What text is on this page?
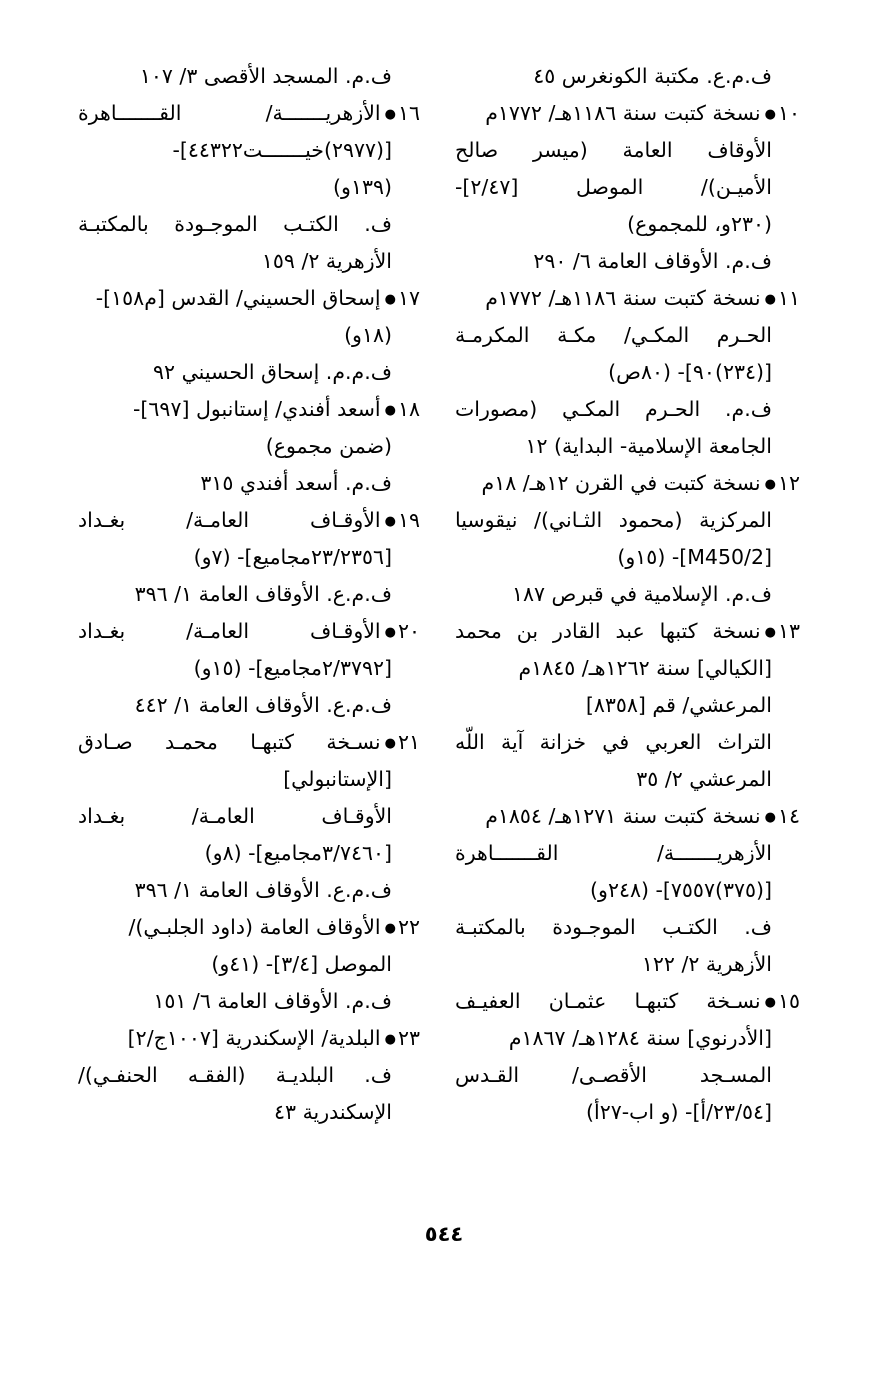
ف.م.ع. مكتبة الكونغرس ٤٥
١٠●نسخة كتبت سنة ١١٨٦هـ/ ١٧٧٢م
الأوقاف العامة (ميسر صالح
الأميـن)/ الموصل [٢/٤٧]-
(٢٣٠و، للمجموع)
ف.م. الأوقاف العامة ٦/ ٢٩٠
١١●نسخة كتبت سنة ١١٨٦هـ/ ١٧٧٢م
الحـرم المكـي/ مكـة المكرمـة
[(٢٣٤)٩٠]- (٨٠ص)
ف.م. الحـرم المكـي (مصورات
الجامعة الإسلامية- البداية) ١٢
١٢●نسخة كتبت في القرن ١٢هـ/ ١٨م
المركزية (محمود الثـاني)/ نيقوسيا
[M450/2]- (١٥و)
ف.م. الإسلامية في قبرص ١٨٧
١٣●نسخة كتبها عبد القادر بن محمد
[الكيالي] سنة ١٢٦٢هـ/ ١٨٤٥م
المرعشي/ قم [٨٣٥٨]
التراث العربي في خزانة آية اللّه
المرعشي ٢/ ٣٥
١٤●نسخة كتبت سنة ١٢٧١هـ/ ١٨٥٤م
الأزهريـــــــة/ القـــــــاهرة
[(٣٧٥)٧٥٥٧]- (٢٤٨و)
ف. الكتـب الموجـودة بالمكتبـة
الأزهرية ٢/ ١٢٢
١٥●نسـخة كتبهـا عثمـان العفيـف
[الأدرنوي] سنة ١٢٨٤هـ/ ١٨٦٧م
المسـجد الأقصـى/ القـدس
[٢٣/٥٤/أ]- (و اب-٢٧أ)
ف.م. المسجد الأقصى ٣/ ١٠٧
١٦●الأزهريـــــــة/ القـــــــاهرة
[(٢٩٧٧)خيـــــــت٤٤٣٢٢]-
(١٣٩و)
ف. الكتـب الموجـودة بالمكتبـة
الأزهرية ٢/ ١٥٩
١٧●إسحاق الحسيني/ القدس [م١٥٨]-
(١٨و)
ف.م.م. إسحاق الحسيني ٩٢
١٨●أسعد أفندي/ إستانبول [٦٩٧]-
(ضمن مجموع)
ف.م. أسعد أفندي ٣١٥
١٩●الأوقـاف العامـة/ بغـداد
[٢٣/٢٣٥٦مجاميع]- (٧و)
ف.م.ع. الأوقاف العامة ١/ ٣٩٦
٢٠●الأوقـاف العامـة/ بغـداد
[٢/٣٧٩٢مجاميع]- (١٥و)
ف.م.ع. الأوقاف العامة ١/ ٤٤٢
٢١●نسـخة كتبهـا محمـد صـادق
[الإستانبولي]
الأوقـاف العامـة/ بغـداد
[٣/٧٤٦٠مجاميع]- (٨و)
ف.م.ع. الأوقاف العامة ١/ ٣٩٦
٢٢●الأوقاف العامة (داود الجلبـي)/
الموصل [٣/٤]- (٤١و)
ف.م. الأوقاف العامة ٦/ ١٥١
٢٣●البلدية/ الإسكندرية [١٠٠٧ج/٢]
ف. البلديـة (الفقـه الحنفـي)/
الإسكندرية ٤٣
٥٤٤
